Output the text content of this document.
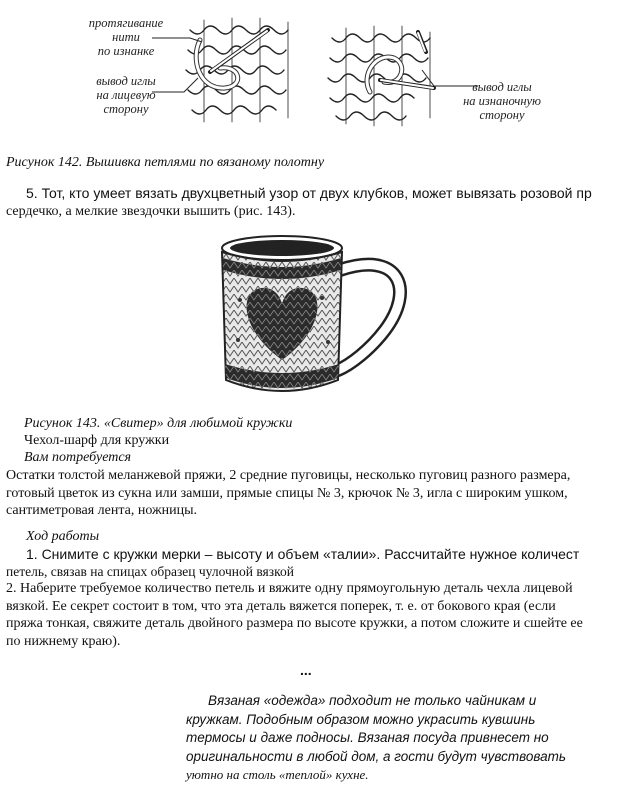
протягивание
нити
по изнанке
вывод иглы
на лицевую
сторону
вывод иглы
на изнаночную
сторону
Рисунок 142. Вышивка петлями по вязаному полотну
5. Тот, кто умеет вязать двухцветный узор от двух клубков, может вывязать розовой пр
сердечко, а мелкие звездочки вышить (рис. 143).
Рисунок 143. «Свитер» для любимой кружки
Чехол-шарф для кружки
Вам потребуется
Остатки толстой меланжевой пряжи, 2 средние пуговицы, несколько пуговиц разного размера,
готовый цветок из сукна или замши, прямые спицы № 3, крючок № 3, игла с широким ушком,
сантиметровая лента, ножницы.
Ход работы
1. Снимите с кружки мерки – высоту и объем «талии». Рассчитайте нужное количест
петель, связав на спицах образец чулочной вязкой
2. Наберите требуемое количество петель и вяжите одну прямоугольную деталь чехла лицевой
вязкой. Ее секрет состоит в том, что эта деталь вяжется поперек, т. е. от бокового края (если
пряжа тонкая, свяжите деталь двойного размера по высоте кружки, а потом сложите и сшейте ее
по нижнему краю).
...
Вязаная «одежда» подходит не только чайникам и
кружкам. Подобным образом можно украсить кувшинь
термосы и даже подносы. Вязаная посуда привнесет но
оригинальности в любой дом, а гости будут чувствовать
уютно на столь «теплой» кухне.
